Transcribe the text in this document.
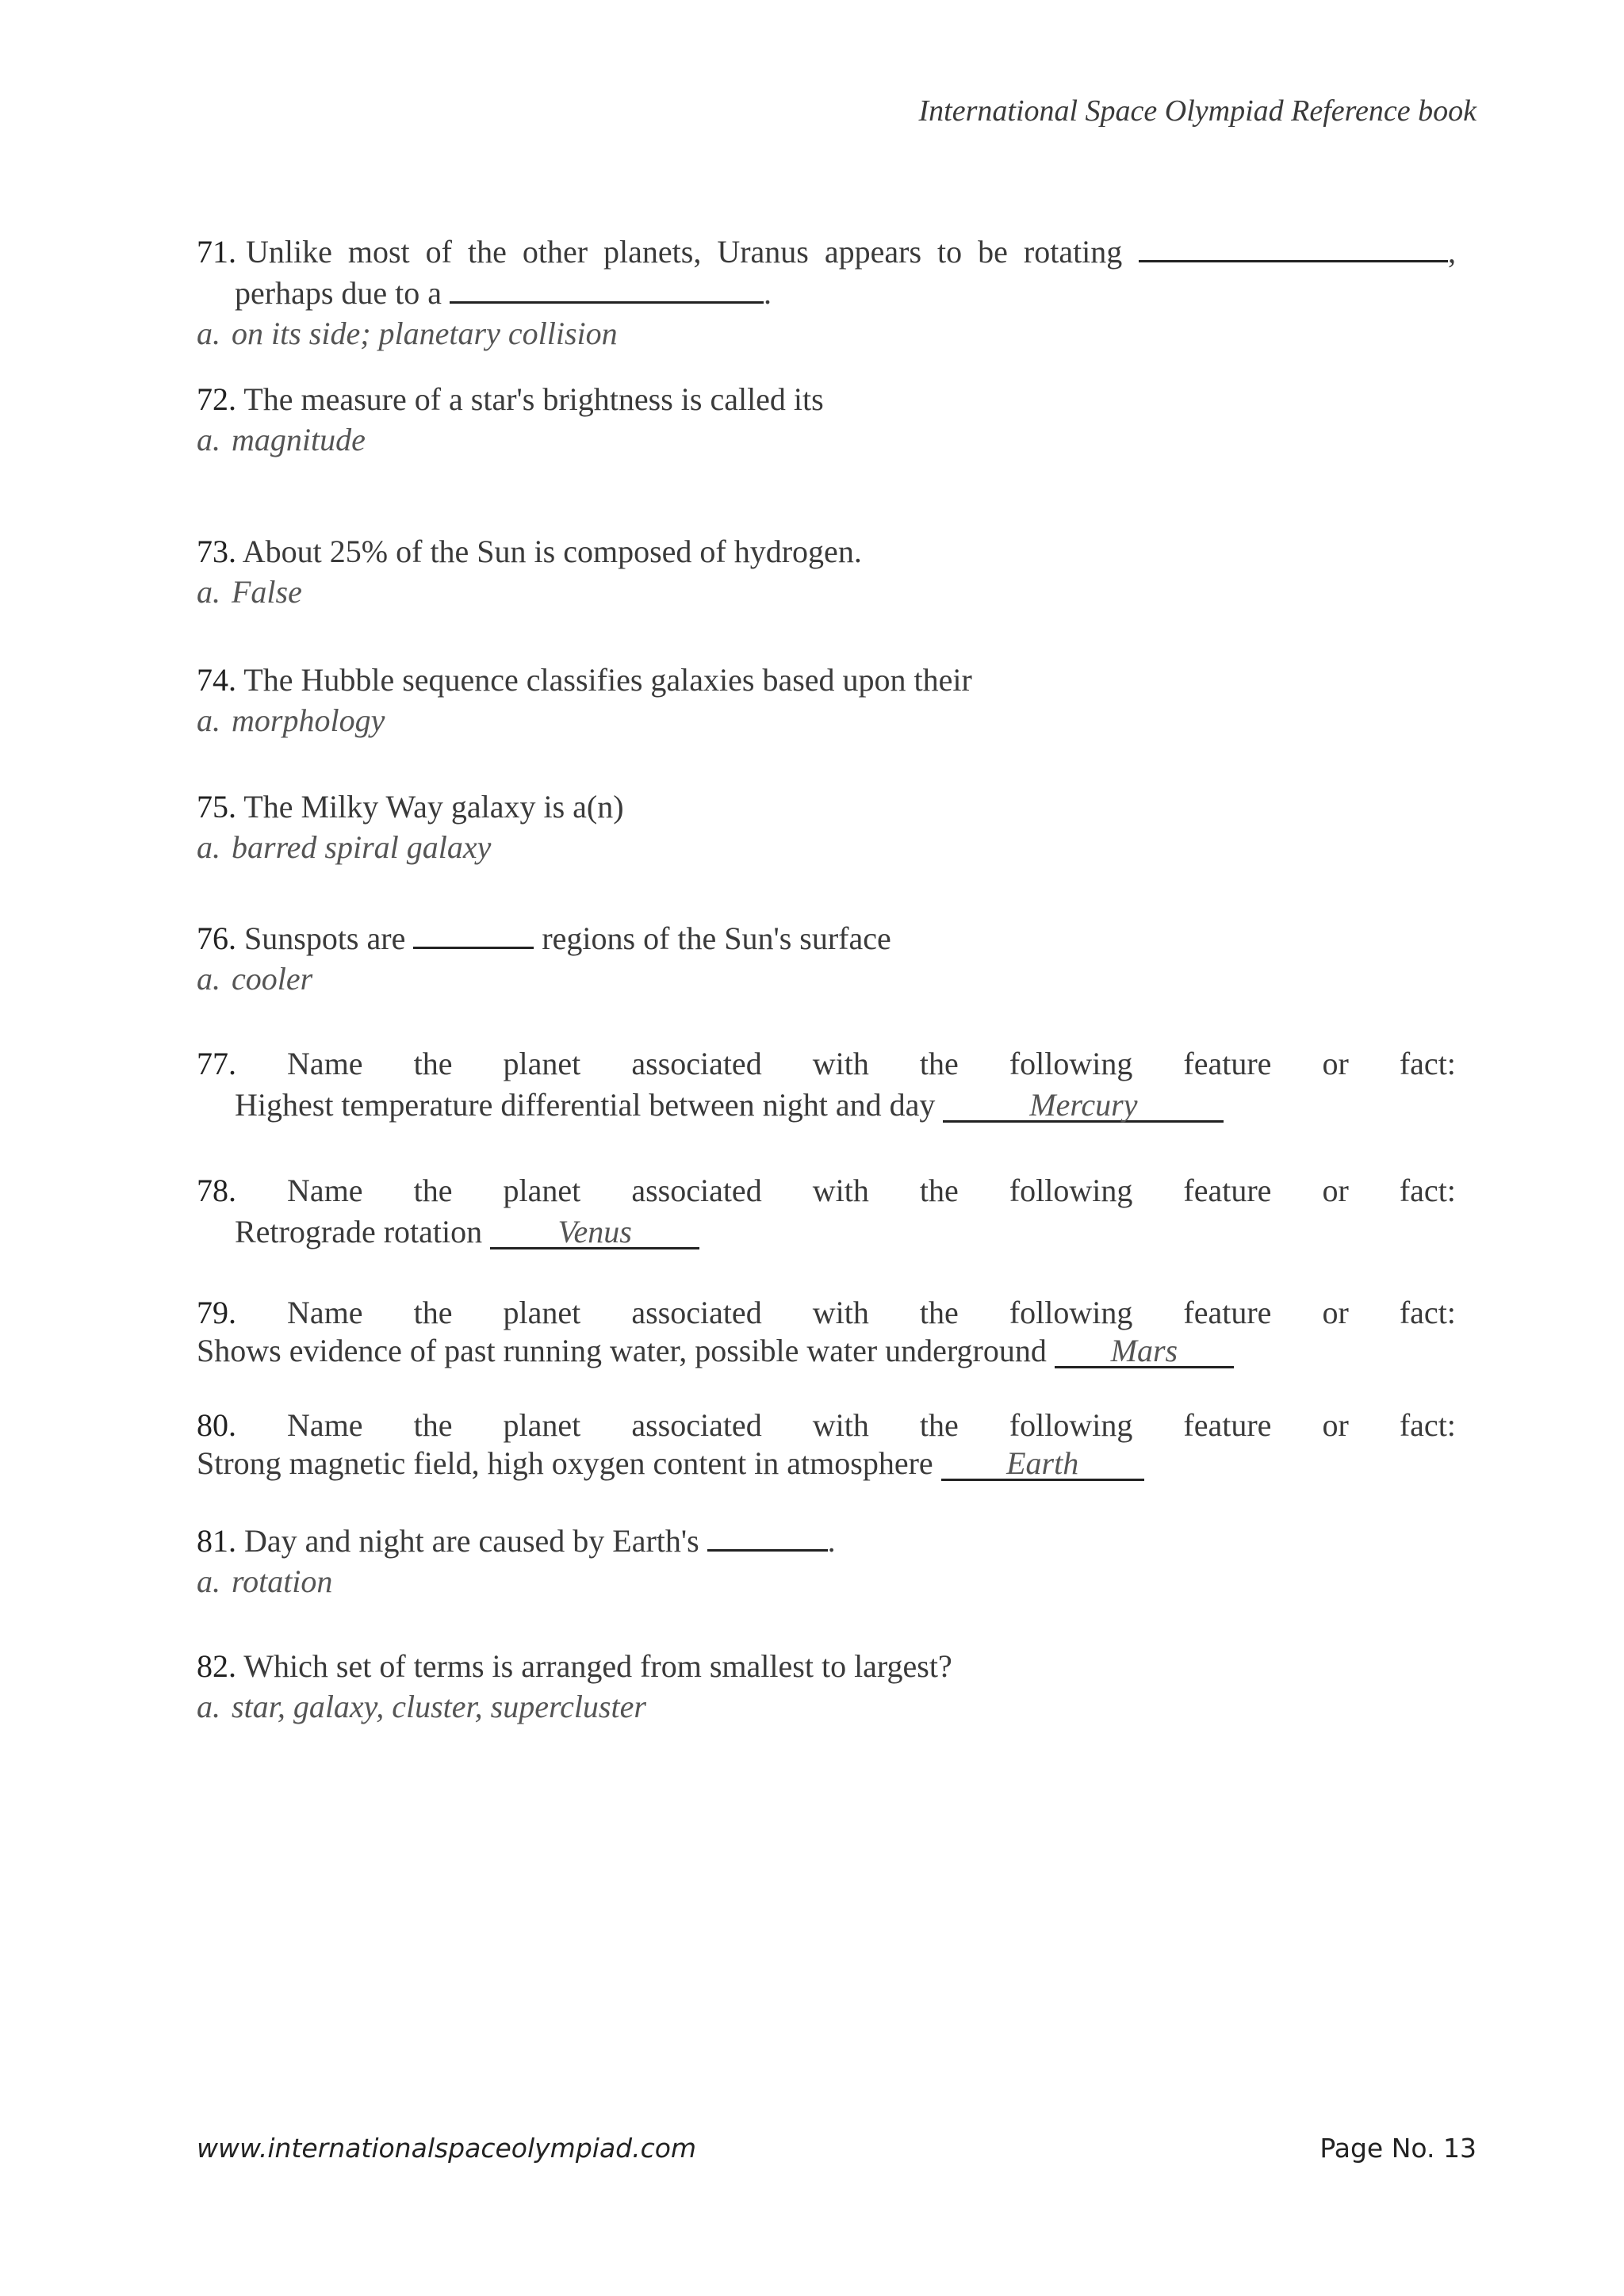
International Space Olympiad Reference book
71. Unlike most of the other planets, Uranus appears to be rotating	,
perhaps due to a	.
a. on its side; planetary collision
72. The measure of a star's brightness is called its
a. magnitude
73. About 25% of the Sun is composed of hydrogen.
a. False
74. The Hubble sequence classifies galaxies based upon their
a. morphology
75. The Milky Way galaxy is a(n)
a. barred spiral galaxy
76. Sunspots are	regions of the Sun's surface
a. cooler
77. Name the planet associated with the following feature or fact:
Highest temperature differential between night and day	Mercury
78. Name the planet associated with the following feature or fact:
Retrograde rotation Venus
79. Name the planet associated with the following feature or fact:
Shows evidence of past running water, possible water underground Mars
80. Name the planet associated with the following feature or fact:
Strong magnetic field, high oxygen content in atmosphere Earth
81. Day and night are caused by Earth's	.
a. rotation
82. Which set of terms is arranged from smallest to largest?
a. star, galaxy, cluster, supercluster
www.internationalspaceolympiad.com	Page No. 13
